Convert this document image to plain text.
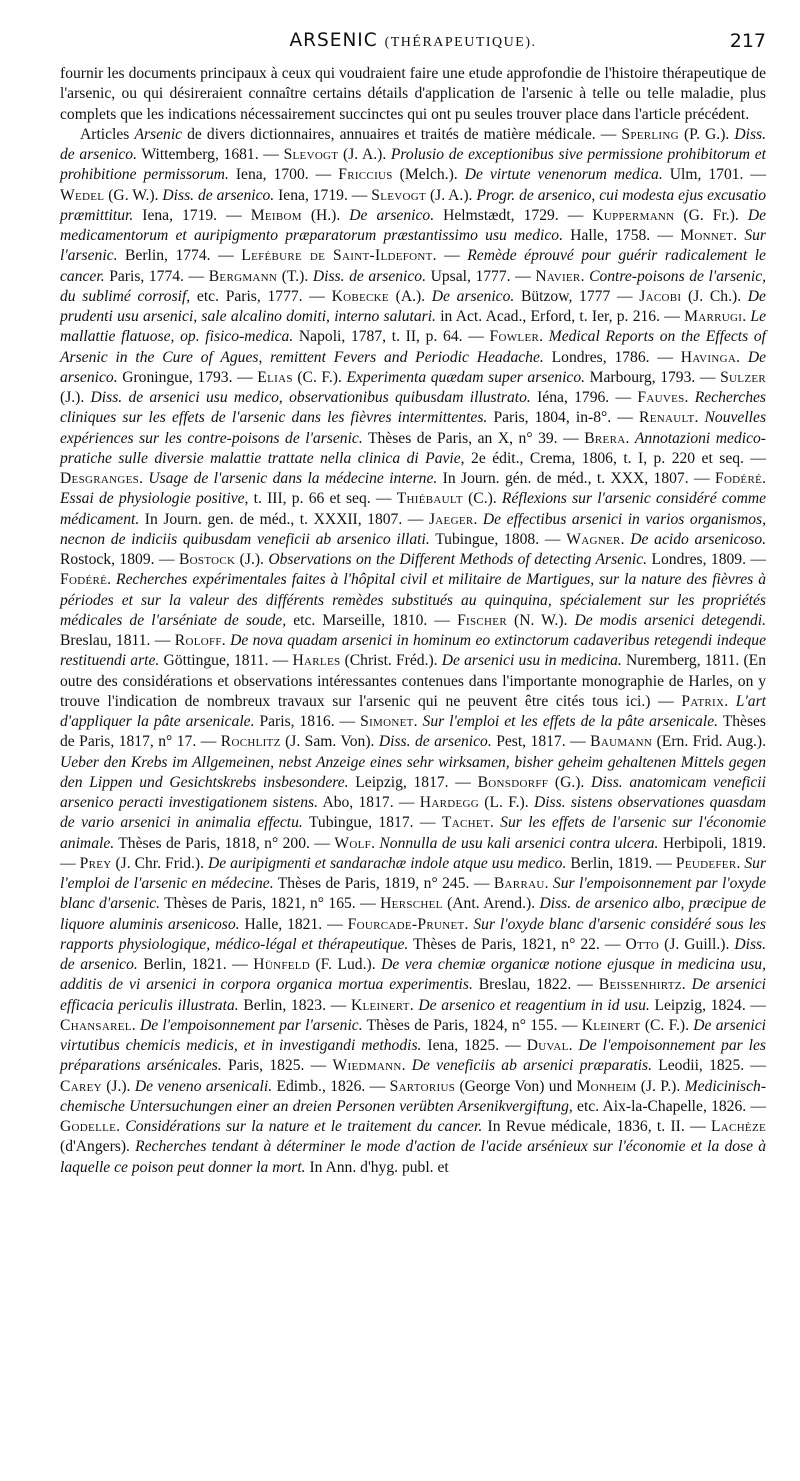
ARSENIC (THÉRAPEUTIQUE).	217

fournir les documents principaux à ceux qui voudraient faire une etude approfondie de l'histoire thérapeutique de l'arsenic, ou qui désireraient connaître certains détails d'application de l'arsenic à telle ou telle maladie, plus complets que les indications nécessairement succinctes qui ont pu seules trouver place dans l'article précédent.

Articles Arsenic de divers dictionnaires, annuaires et traités de matière médicale. — Sperling (P. G.). Diss. de arsenico. Wittemberg, 1681. — Slevogt (J. A.). Prolusio de exceptionibus sive permissione prohibitorum et prohibitione permissorum. Iena, 1700. — Friccius (Melch.). De virtute venenorum medica. Ulm, 1701. — Wedel (G. W.). Diss. de arsenico. Iena, 1719. — Slevogt (J. A.). Progr. de arsenico, cui modesta ejus excusatio præmittitur. Iena, 1719. — Meibom (H.). De arsenico. Helmstædt, 1729. — Kuppermann (G. Fr.). De medicamentorum et auripigmento præparatorum præstantissimo usu medico. Halle, 1758. — Monnet. Sur l'arsenic. Berlin, 1774. — Lefébure de Saint-Ildefont. — Remède éprouvé pour guérir radicalement le cancer. Paris, 1774. — Bergmann (T.). Diss. de arsenico. Upsal, 1777. — Navier. Contre-poisons de l'arsenic, du sublimé corrosif, etc. Paris, 1777. — Kobecke (A.). De arsenico. Bützow, 1777 — Jacobi (J. Ch.). De prudenti usu arsenici, sale alcalino domiti, interno salutari. in Act. Acad., Erford, t. Ier, p. 216. — Marrugi. Le mallattie flatuose, op. fisico-medica. Napoli, 1787, t. II, p. 64. — Fowler. Medical Reports on the Effects of Arsenic in the Cure of Agues, remittent Fevers and Periodic Headache. Londres, 1786. — Havinga. De arsenico. Groningue, 1793. — Elias (C. F.). Experimenta quædam super arsenico. Marbourg, 1793. — Sulzer (J.). Diss. de arsenici usu medico, observationibus quibusdam illustrato. Iéna, 1796. — Fauves. Recherches cliniques sur les effets de l'arsenic dans les fièvres intermittentes. Paris, 1804, in-8°. — Renault. Nouvelles expériences sur les contre-poisons de l'arsenic. Thèses de Paris, an X, n° 39. — Brera. Annotazioni medico-pratiche sulle diversie malattie trattate nella clinica di Pavie, 2e édit., Crema, 1806, t. I, p. 220 et seq. — Desgranges. Usage de l'arsenic dans la médecine interne. In Journ. gén. de méd., t. XXX, 1807. — Fodéré. Essai de physiologie positive, t. III, p. 66 et seq. — Thiébault (C.). Réflexions sur l'arsenic considéré comme médicament. In Journ. gen. de méd., t. XXXII, 1807. — Jaeger. De effectibus arsenici in varios organismos, necnon de indiciis quibusdam veneficii ab arsenico illati. Tubingue, 1808. — Wagner. De acido arsenicoso. Rostock, 1809. — Bostock (J.). Observations on the Different Methods of detecting Arsenic. Londres, 1809. — Fodéré. Recherches expérimentales faites à l'hôpital civil et militaire de Martigues, sur la nature des fièvres à périodes et sur la valeur des différents remèdes substitués au quinquina, spécialement sur les propriétés médicales de l'arséniate de soude, etc. Marseille, 1810. — Fischer (N. W.). De modis arsenici detegendi. Breslau, 1811. — Roloff. De nova quadam arsenici in hominum eo extinctorum cadaveribus retegendi indeque restituendi arte. Göttingue, 1811. — Harles (Christ. Fréd.). De arsenici usu in medicina. Nuremberg, 1811. (En outre des considérations et observations intéressantes contenues dans l'importante monographie de Harles, on y trouve l'indication de nombreux travaux sur l'arsenic qui ne peuvent être cités tous ici.) — Patrix. L'art d'appliquer la pâte arsenicale. Paris, 1816. — Simonet. Sur l'emploi et les effets de la pâte arsenicale. Thèses de Paris, 1817, n° 17. — Rochlitz (J. Sam. Von). Diss. de arsenico. Pest, 1817. — Baumann (Ern. Frid. Aug.). Ueber den Krebs im Allgemeinen, nebst Anzeige eines sehr wirksamen, bisher geheim gehaltenen Mittels gegen den Lippen und Gesichtskrebs insbesondere. Leipzig, 1817. — Bonsdorff (G.). Diss. anatomicam veneficii arsenico peracti investigationem sistens. Abo, 1817. — Hardegg (L. F.). Diss. sistens observationes quasdam de vario arsenici in animalia effectu. Tubingue, 1817. — Tachet. Sur les effets de l'arsenic sur l'économie animale. Thèses de Paris, 1818, n° 200. — Wolf. Nonnulla de usu kali arsenici contra ulcera. Herbipoli, 1819. — Prey (J. Chr. Frid.). De auripigmenti et sandarachæ indole atque usu medico. Berlin, 1819. — Peudefer. Sur l'emploi de l'arsenic en médecine. Thèses de Paris, 1819, n° 245. — Barrau. Sur l'empoisonnement par l'oxyde blanc d'arsenic. Thèses de Paris, 1821, n° 165. — Herschel (Ant. Arend.). Diss. de arsenico albo, præcipue de liquore aluminis arsenicoso. Halle, 1821. — Fourcade-Prunet. Sur l'oxyde blanc d'arsenic considéré sous les rapports physiologique, médico-légal et thérapeutique. Thèses de Paris, 1821, n° 22. — Otto (J. Guill.). Diss. de arsenico. Berlin, 1821. — Hünfeld (F. Lud.). De vera chemiæ organicæ notione ejusque in medicina usu, additis de vi arsenici in corpora organica mortua experimentis. Breslau, 1822. — Beissenhirtz. De arsenici efficacia periculis illustrata. Berlin, 1823. — Kleinert. De arsenico et reagentium in id usu. Leipzig, 1824. — Chansarel. De l'empoisonnement par l'arsenic. Thèses de Paris, 1824, n° 155. — Kleinert (C. F.). De arsenici virtutibus chemicis medicis, et in investigandi methodis. Iena, 1825. — Duval. De l'empoisonnement par les préparations arsénicales. Paris, 1825. — Wiedmann. De veneficiis ab arsenici præparatis. Leodii, 1825. — Carey (J.). De veneno arsenicali. Edimb., 1826. — Sartorius (George Von) und Monheim (J. P.). Medicinisch-chemische Untersuchungen einer an dreien Personen verübten Arsenikvergiftung, etc. Aix-la-Chapelle, 1826. — Godelle. Considérations sur la nature et le traitement du cancer. In Revue médicale, 1836, t. II. — Lachèze (d'Angers). Recherches tendant à déterminer le mode d'action de l'acide arsénieux sur l'économie et la dose à laquelle ce poison peut donner la mort. In Ann. d'hyg. publ. et
